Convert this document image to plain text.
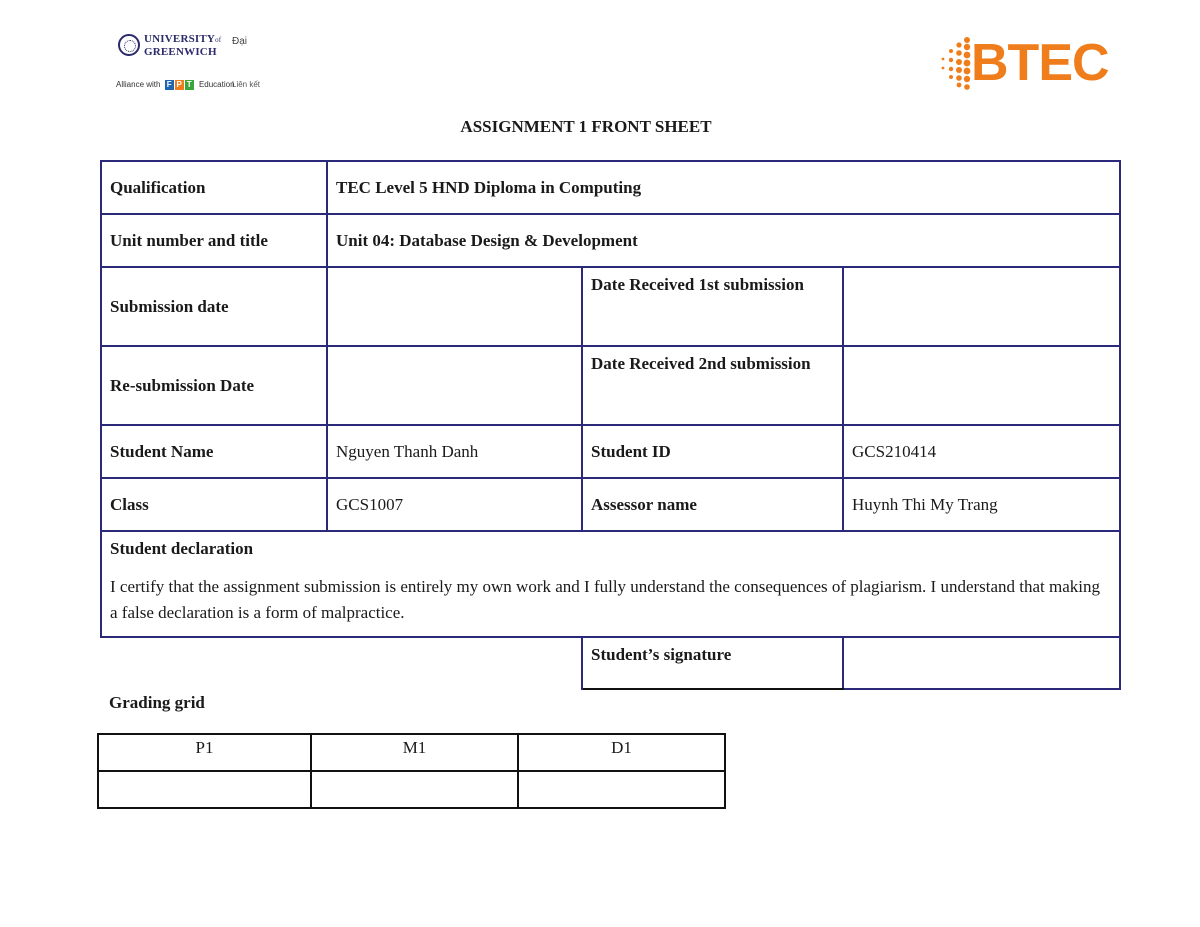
UNIVERSITYof
GREENWICH
Đại
Alliance with F P T Education
Liên kết	BTEC
ASSIGNMENT 1 FRONT SHEET
Qualification	TEC Level 5 HND Diploma in Computing		
Unit number and title	Unit 04: Database Design & Development		
Submission date		Date Received 1st submission	
Re-submission Date		Date Received 2nd submission	
Student Name	Nguyen Thanh Danh	Student ID	GCS210414
Class	GCS1007	Assessor name	Huynh Thi My Trang

Student declaration
I certify that the assignment submission is entirely my own work and I fully understand the consequences of plagiarism. I understand that making a false declaration is a form of malpractice.			

		Student’s signature	
Grading grid
P1	M1	D1
